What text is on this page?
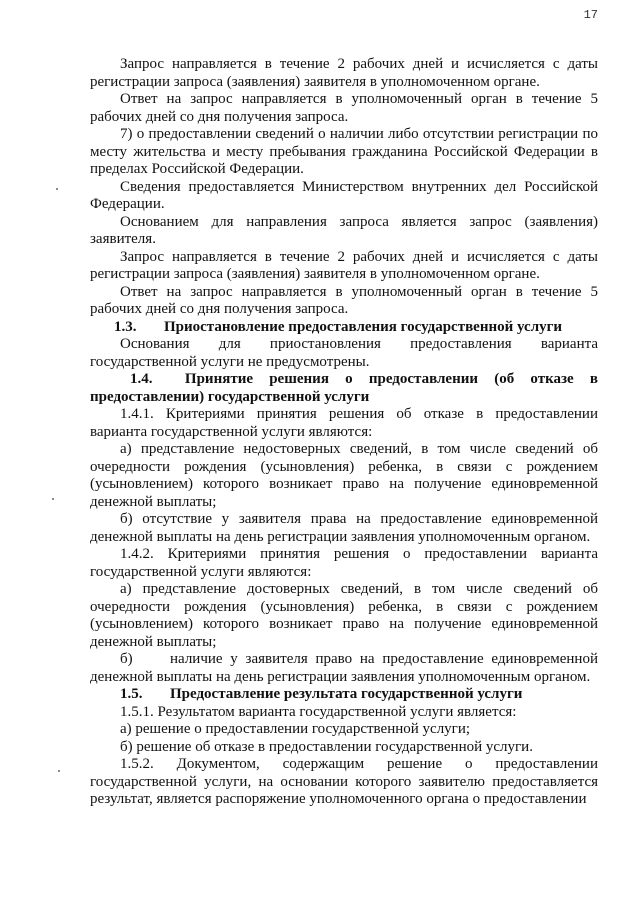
17

Запрос направляется в течение 2 рабочих дней и исчисляется с даты регистрации запроса (заявления) заявителя в уполномоченном органе.

Ответ на запрос направляется в уполномоченный орган в течение 5 рабочих дней со дня получения запроса.

7) о предоставлении сведений о наличии либо отсутствии регистрации по месту жительства и месту пребывания гражданина Российской Федерации в пределах Российской Федерации.

Сведения предоставляется Министерством внутренних дел Российской Федерации.

Основанием для направления запроса является запрос (заявления) заявителя.

Запрос направляется в течение 2 рабочих дней и исчисляется с даты регистрации запроса (заявления) заявителя в уполномоченном органе.

Ответ на запрос направляется в уполномоченный орган в течение 5 рабочих дней со дня получения запроса.

1.3. Приостановление предоставления государственной услуги

Основания для приостановления предоставления варианта государственной услуги не предусмотрены.

1.4. Принятие решения о предоставлении (об отказе в предоставлении) государственной услуги

1.4.1. Критериями принятия решения об отказе в предоставлении варианта государственной услуги являются:

а) представление недостоверных сведений, в том числе сведений об очередности рождения (усыновления) ребенка, в связи с рождением (усыновлением) которого возникает право на получение единовременной денежной выплаты;

б) отсутствие у заявителя права на предоставление единовременной денежной выплаты на день регистрации заявления уполномоченным органом.

1.4.2. Критериями принятия решения о предоставлении варианта государственной услуги являются:

а) представление достоверных сведений, в том числе сведений об очередности рождения (усыновления) ребенка, в связи с рождением (усыновлением) которого возникает право на получение единовременной денежной выплаты;

б) наличие у заявителя право на предоставление единовременной денежной выплаты на день регистрации заявления уполномоченным органом.

1.5. Предоставление результата государственной услуги

1.5.1. Результатом варианта государственной услуги является:

а) решение о предоставлении государственной услуги;

б) решение об отказе в предоставлении государственной услуги.

1.5.2. Документом, содержащим решение о предоставлении государственной услуги, на основании которого заявителю предоставляется результат, является распоряжение уполномоченного органа о предоставлении
